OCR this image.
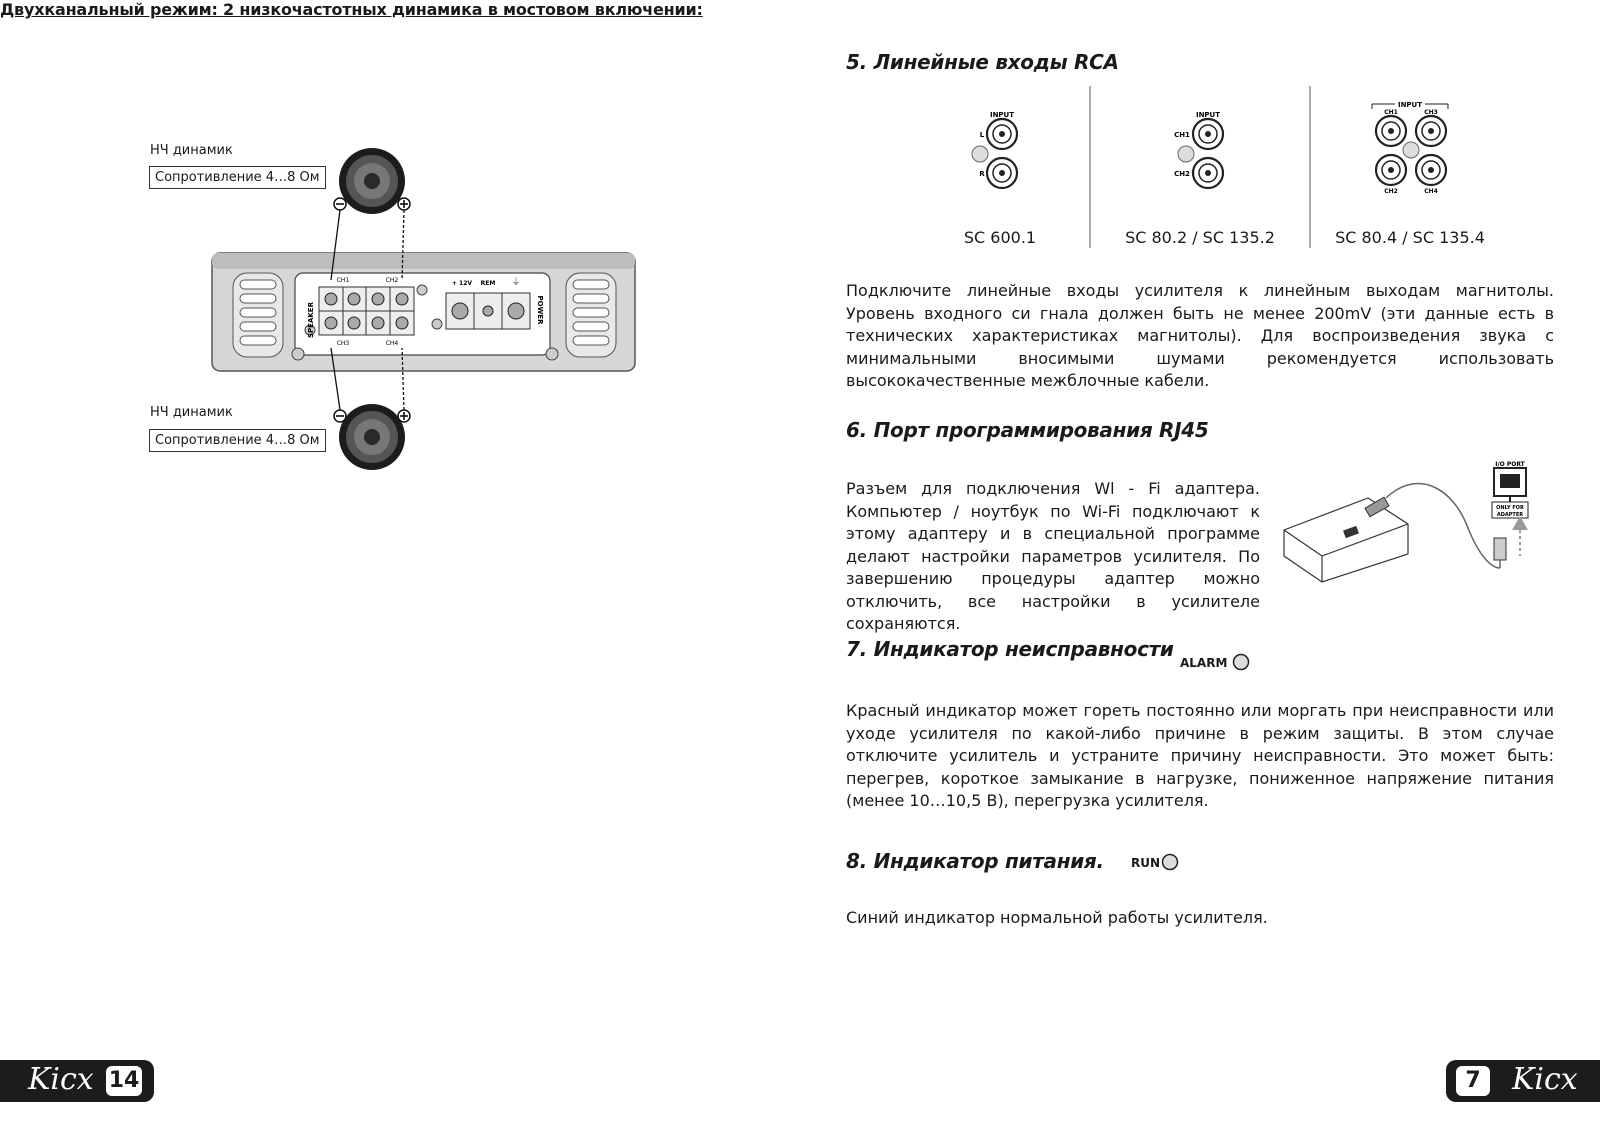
Двухканальный режим: 2 низкочастотных динамика в мостовом включении:
НЧ динамик
Сопротивление 4…8 Ом
НЧ динамик
Сопротивление 4…8 Ом
SPEAKER
CH1	CH2
CH3	CH4
+ 12V REM ⏚
POWER
5. Линейные входы RCA
INPUT
L
R
INPUT
CH1
CH2
INPUT
CH1	CH3
CH2	CH4
SC 600.1	SC 80.2 / SC 135.2	SC 80.4 / SC 135.4
Подключите линейные входы усилителя к линейным выходам магнитолы. Уровень входного си гнала должен быть не менее 200mV (эти данные есть в технических характеристиках магнитолы). Для воспроизведения звука с минимальными вносимыми шумами рекомендуется использовать высококачественные межблочные кабели.
6. Порт программирования RJ45
Разъем для подключения Wl - Fi адаптера. Компьютер / ноутбук по Wi-Fi подключают к этому адаптеру и в специальной программе делают настройки параметров усилителя. По завершению процедуры адаптер можно отключить, все настройки в усилителе сохраняются.
I/O PORT
ONLY FOR
ADAPTER
7. Индикатор неисправности
ALARM
Красный индикатор может гореть постоянно или моргать при неисправности или уходе усилителя по какой-либо причине в режим защиты. В этом случае отключите усилитель и устраните причину неисправности. Это может быть: перегрев, короткое замыкание в нагрузке, пониженное напряжение питания (менее 10…10,5 В), перегрузка усилителя.
8. Индикатор питания. RUN
Синий индикатор нормальной работы усилителя.
Kicx 14	7	Kicx
